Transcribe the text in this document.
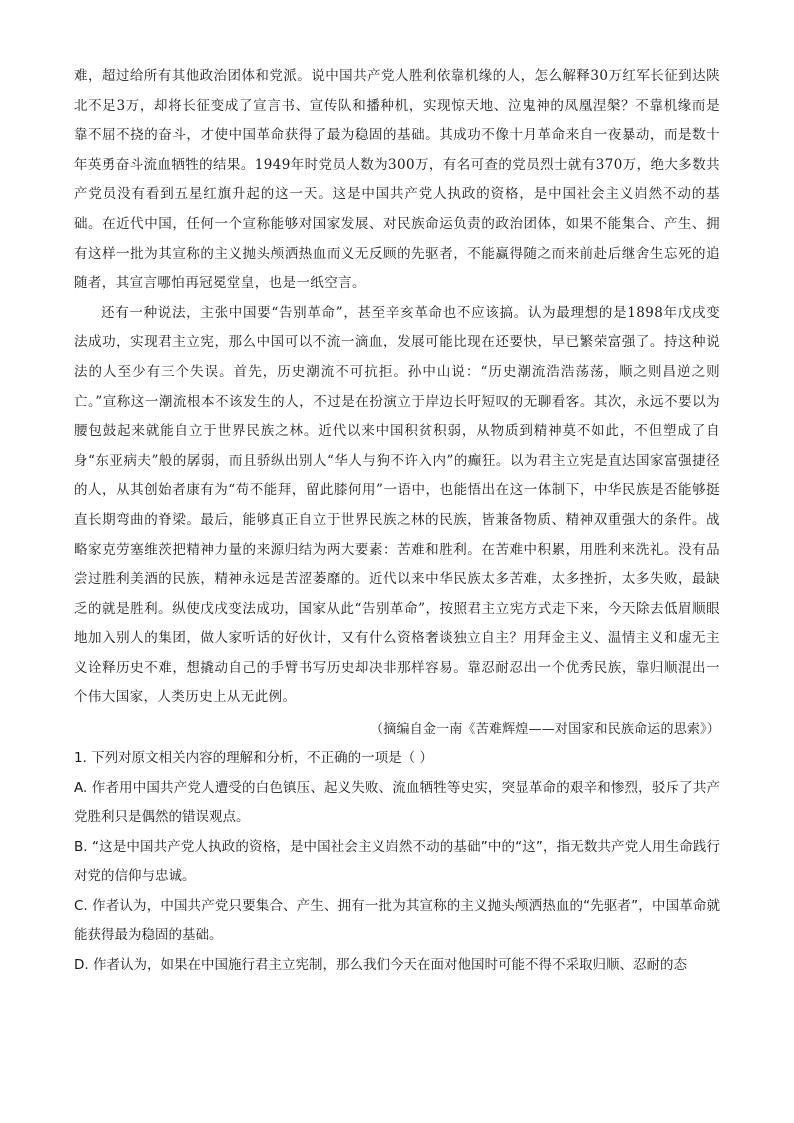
难，超过给所有其他政治团体和党派。说中国共产党人胜利依靠机缘的人，怎么解释30万红军长征到达陕北不足3万，却将长征变成了宣言书、宣传队和播种机，实现惊天地、泣鬼神的凤凰涅槃？不靠机缘而是靠不屈不挠的奋斗，才使中国革命获得了最为稳固的基础。其成功不像十月革命来自一夜暴动，而是数十年英勇奋斗流血牺牲的结果。1949年时党员人数为300万，有名可查的党员烈士就有370万，绝大多数共产党员没有看到五星红旗升起的这一天。这是中国共产党人执政的资格，是中国社会主义岿然不动的基础。在近代中国，任何一个宣称能够对国家发展、对民族命运负责的政治团体，如果不能集合、产生、拥有这样一批为其宣称的主义抛头颅洒热血而义无反顾的先驱者，不能赢得随之而来前赴后继舍生忘死的追随者，其宣言哪怕再冠冕堂皇，也是一纸空言。

还有一种说法，主张中国要“告别革命”，甚至辛亥革命也不应该搞。认为最理想的是1898年戊戌变法成功，实现君主立宪，那么中国可以不流一滴血，发展可能比现在还要快，早已繁荣富强了。持这种说法的人至少有三个失误。首先，历史潮流不可抗拒。孙中山说：“历史潮流浩浩荡荡，顺之则昌逆之则亡。”宣称这一潮流根本不该发生的人，不过是在扮演立于岸边长吁短叹的无聊看客。其次，永远不要以为腰包鼓起来就能自立于世界民族之林。近代以来中国积贫积弱，从物质到精神莫不如此，不但塑成了自身“东亚病夫”般的孱弱，而且骄纵出别人“华人与狗不许入内”的癫狂。以为君主立宪是直达国家富强捷径的人，从其创始者康有为“苟不能拜，留此膝何用”一语中，也能悟出在这一体制下，中华民族是否能够挺直长期弯曲的脊梁。最后，能够真正自立于世界民族之林的民族，皆兼备物质、精神双重强大的条件。战略家克劳塞维茨把精神力量的来源归结为两大要素：苦难和胜利。在苦难中积累，用胜利来洗礼。没有品尝过胜利美酒的民族，精神永远是苦涩萎靡的。近代以来中华民族太多苦难，太多挫折，太多失败，最缺乏的就是胜利。纵使戊戌变法成功，国家从此“告别革命”，按照君主立宪方式走下来，今天除去低眉顺眼地加入别人的集团，做人家听话的好伙计，又有什么资格奢谈独立自主？用拜金主义、温情主义和虚无主义诠释历史不难，想撬动自己的手臂书写历史却决非那样容易。靠忍耐忍出一个优秀民族，靠归顺混出一个伟大国家，人类历史上从无此例。

（摘编自金一南《苦难辉煌——对国家和民族命运的思索》）

1. 下列对原文相关内容的理解和分析，不正确的一项是（ ）

A. 作者用中国共产党人遭受的白色镇压、起义失败、流血牺牲等史实，突显革命的艰辛和惨烈，驳斥了共产党胜利只是偶然的错误观点。

B. “这是中国共产党人执政的资格，是中国社会主义岿然不动的基础”中的“这”，指无数共产党人用生命践行对党的信仰与忠诚。

C. 作者认为，中国共产党只要集合、产生、拥有一批为其宣称的主义抛头颅洒热血的“先驱者”，中国革命就能获得最为稳固的基础。

D. 作者认为，如果在中国施行君主立宪制，那么我们今天在面对他国时可能不得不采取归顺、忍耐的态
